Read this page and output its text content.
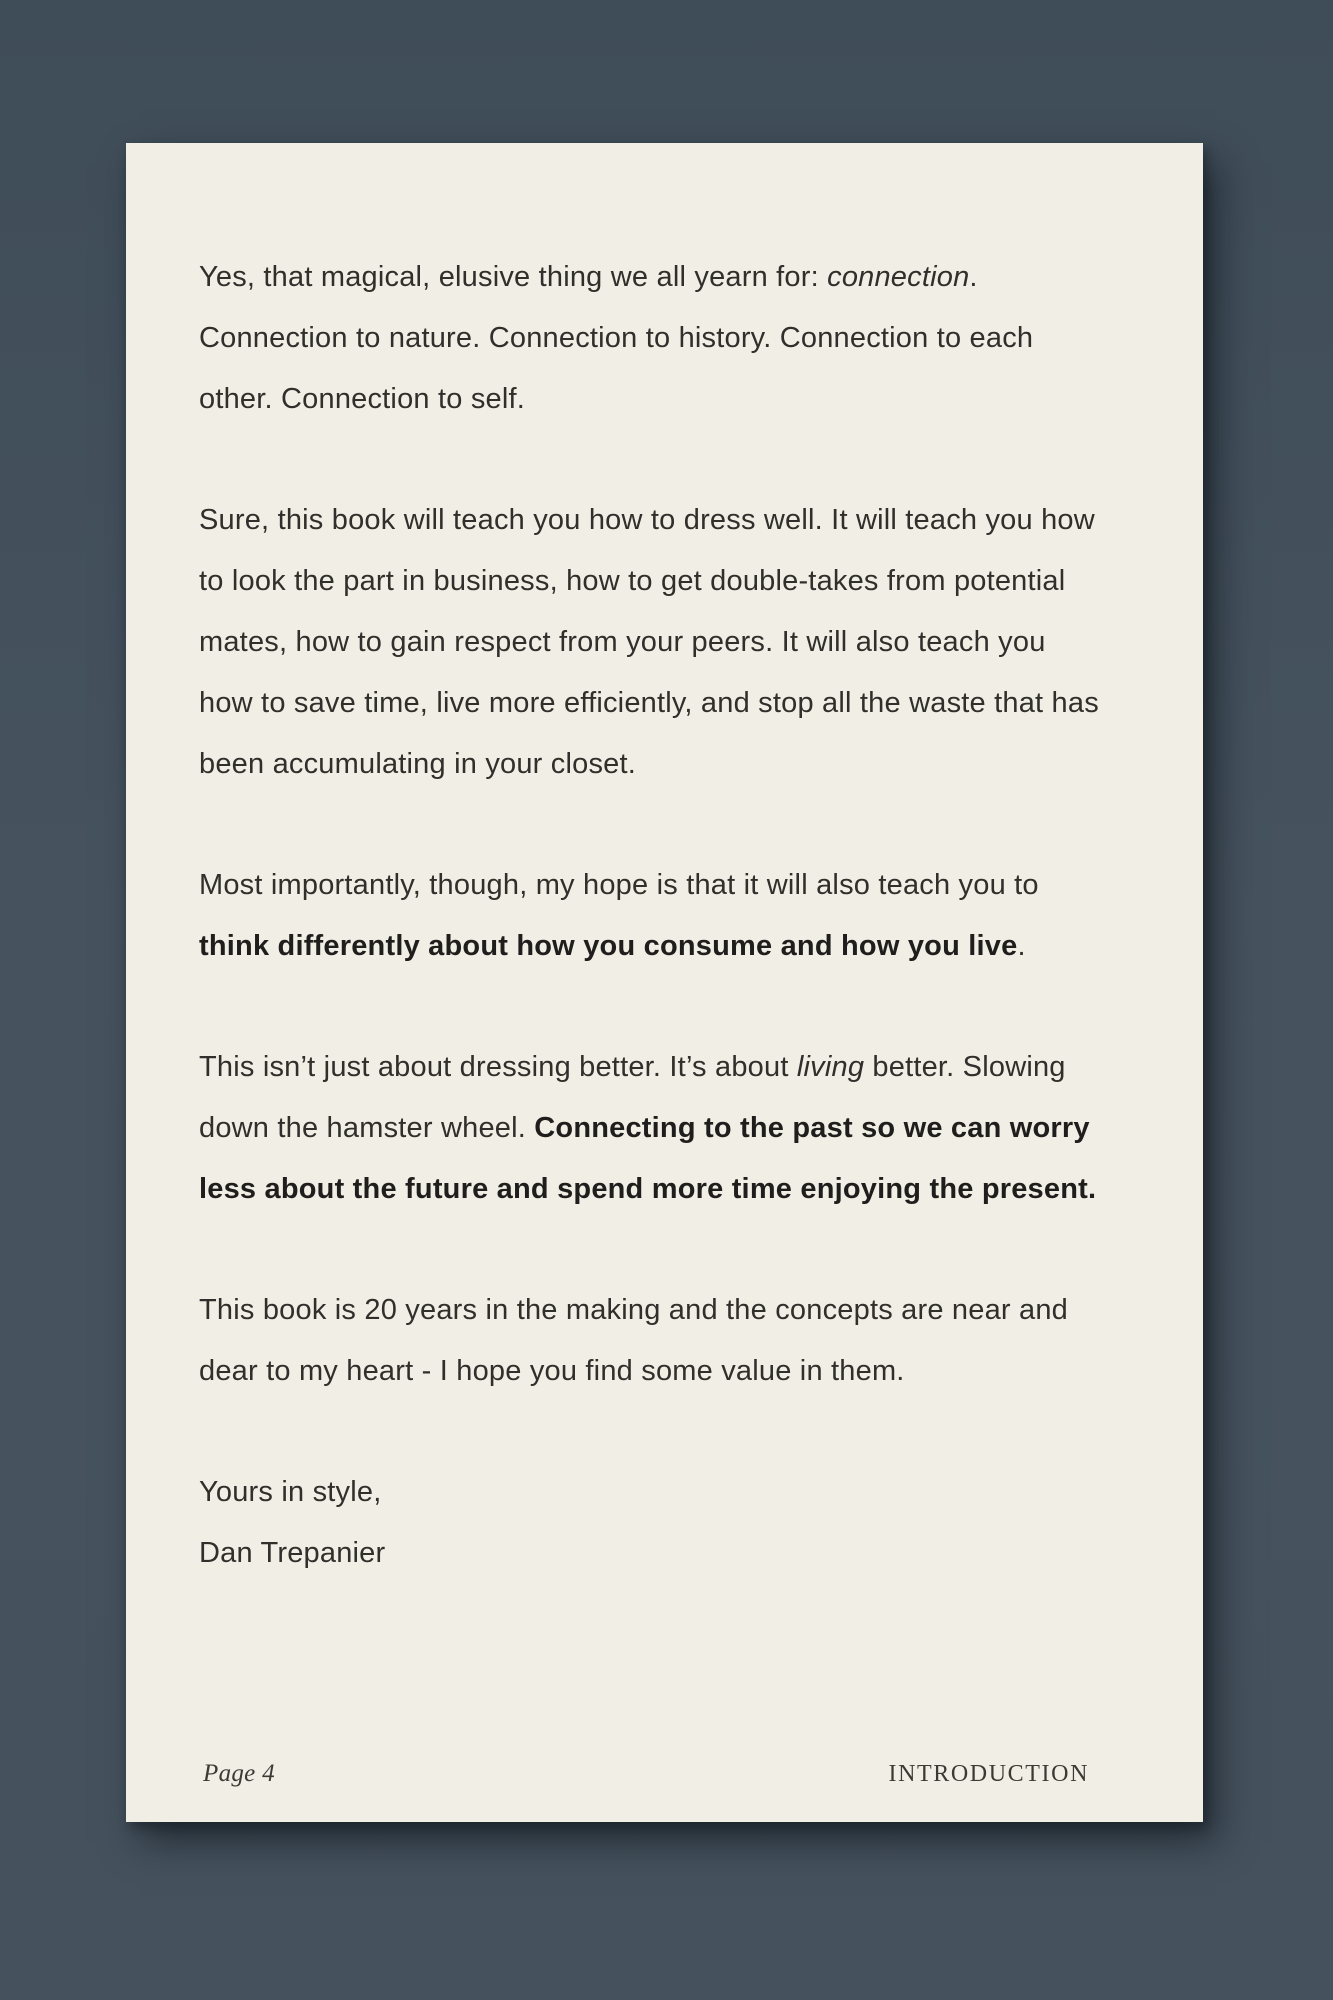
Yes, that magical, elusive thing we all yearn for: connection. Connection to nature. Connection to history. Connection to each other. Connection to self.

Sure, this book will teach you how to dress well. It will teach you how to look the part in business, how to get double-takes from potential mates, how to gain respect from your peers. It will also teach you how to save time, live more efficiently, and stop all the waste that has been accumulating in your closet.

Most importantly, though, my hope is that it will also teach you to think differently about how you consume and how you live.

This isn’t just about dressing better. It’s about living better. Slowing down the hamster wheel. Connecting to the past so we can worry less about the future and spend more time enjoying the present.

This book is 20 years in the making and the concepts are near and dear to my heart - I hope you find some value in them.

Yours in style,
Dan Trepanier
Page 4	INTRODUCTION
